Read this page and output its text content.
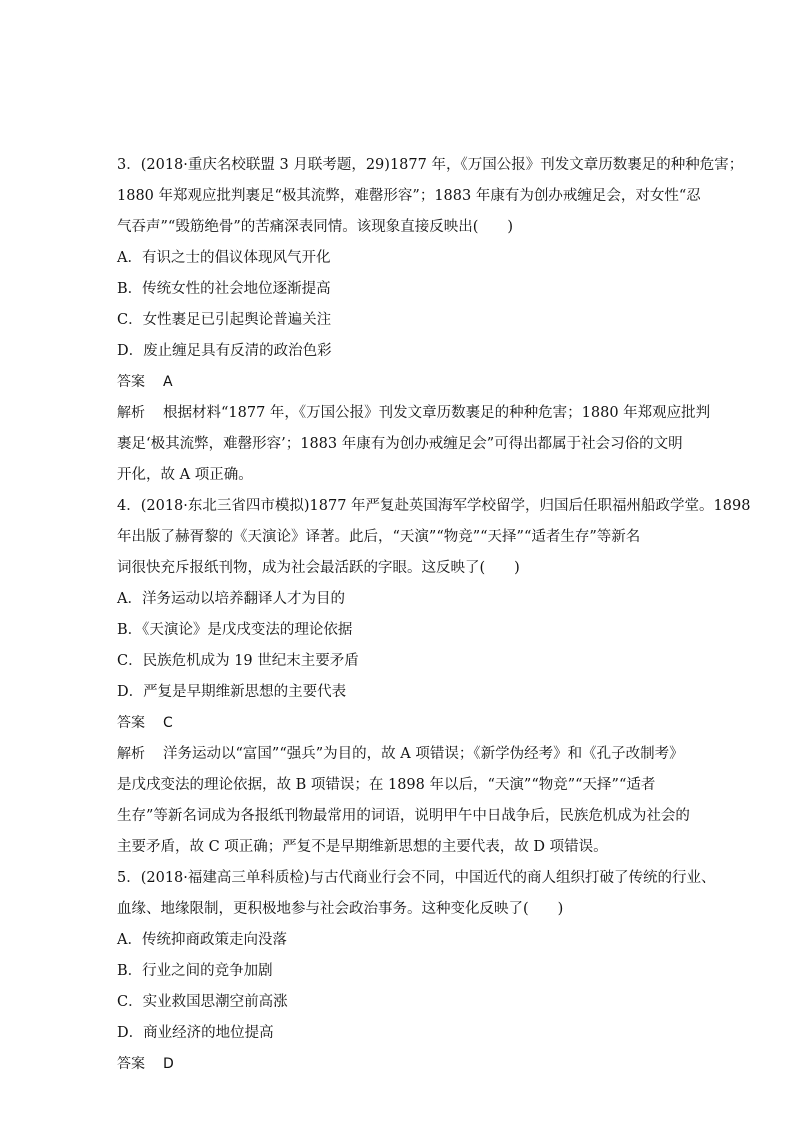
3．(2018·重庆名校联盟 3 月联考题，29)1877 年，《万国公报》刊发文章历数裹足的种种危害；
1880 年郑观应批判裹足“极其流弊，难罄形容”；1883 年康有为创办戒缠足会，对女性“忍
气吞声”“毁筋绝骨”的苦痛深表同情。该现象直接反映出(　　)
A．有识之士的倡议体现风气开化
B．传统女性的社会地位逐渐提高
C．女性裹足已引起舆论普遍关注
D．废止缠足具有反清的政治色彩
答案 A
解析 根据材料“1877 年，《万国公报》刊发文章历数裹足的种种危害；1880 年郑观应批判
裹足‘极其流弊，难罄形容’；1883 年康有为创办戒缠足会”可得出都属于社会习俗的文明
开化，故 A 项正确。
4．(2018·东北三省四市模拟)1877 年严复赴英国海军学校留学，归国后任职福州船政学堂。1898
年出版了赫胥黎的《天演论》译著。此后，“天演”“物竞”“天择”“适者生存”等新名
词很快充斥报纸刊物，成为社会最活跃的字眼。这反映了(　　)
A．洋务运动以培养翻译人才为目的
B．《天演论》是戊戌变法的理论依据
C．民族危机成为 19 世纪末主要矛盾
D．严复是早期维新思想的主要代表
答案 C
解析 洋务运动以“富国”“强兵”为目的，故 A 项错误；《新学伪经考》和《孔子改制考》
是戊戌变法的理论依据，故 B 项错误；在 1898 年以后，“天演”“物竞”“天择”“适者
生存”等新名词成为各报纸刊物最常用的词语，说明甲午中日战争后，民族危机成为社会的
主要矛盾，故 C 项正确；严复不是早期维新思想的主要代表，故 D 项错误。
5．(2018·福建高三单科质检)与古代商业行会不同，中国近代的商人组织打破了传统的行业、
血缘、地缘限制，更积极地参与社会政治事务。这种变化反映了(　　)
A．传统抑商政策走向没落
B．行业之间的竞争加剧
C．实业救国思潮空前高涨
D．商业经济的地位提高
答案 D
